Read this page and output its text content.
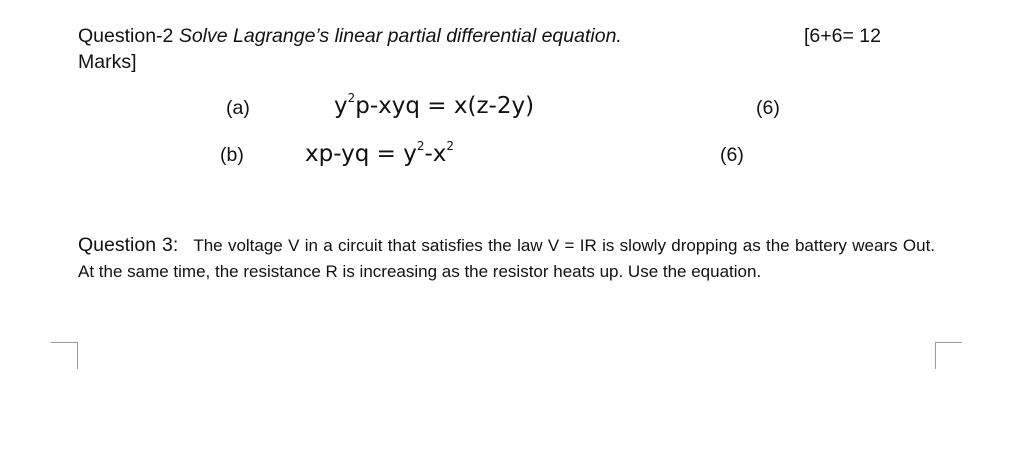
Question-2 Solve Lagrange’s linear partial differential equation.	[6+6= 12
Marks]
(a)	$y^2p$-xyq = x(z-2y)	(6)
(b)	$xp-yq = y^2-x^2$	(6)
Question 3: The voltage V in a circuit that satisfies the law V = IR is slowly dropping as the battery wears Out. At the same time, the resistance R is increasing as the resistor heats up. Use the equation.
